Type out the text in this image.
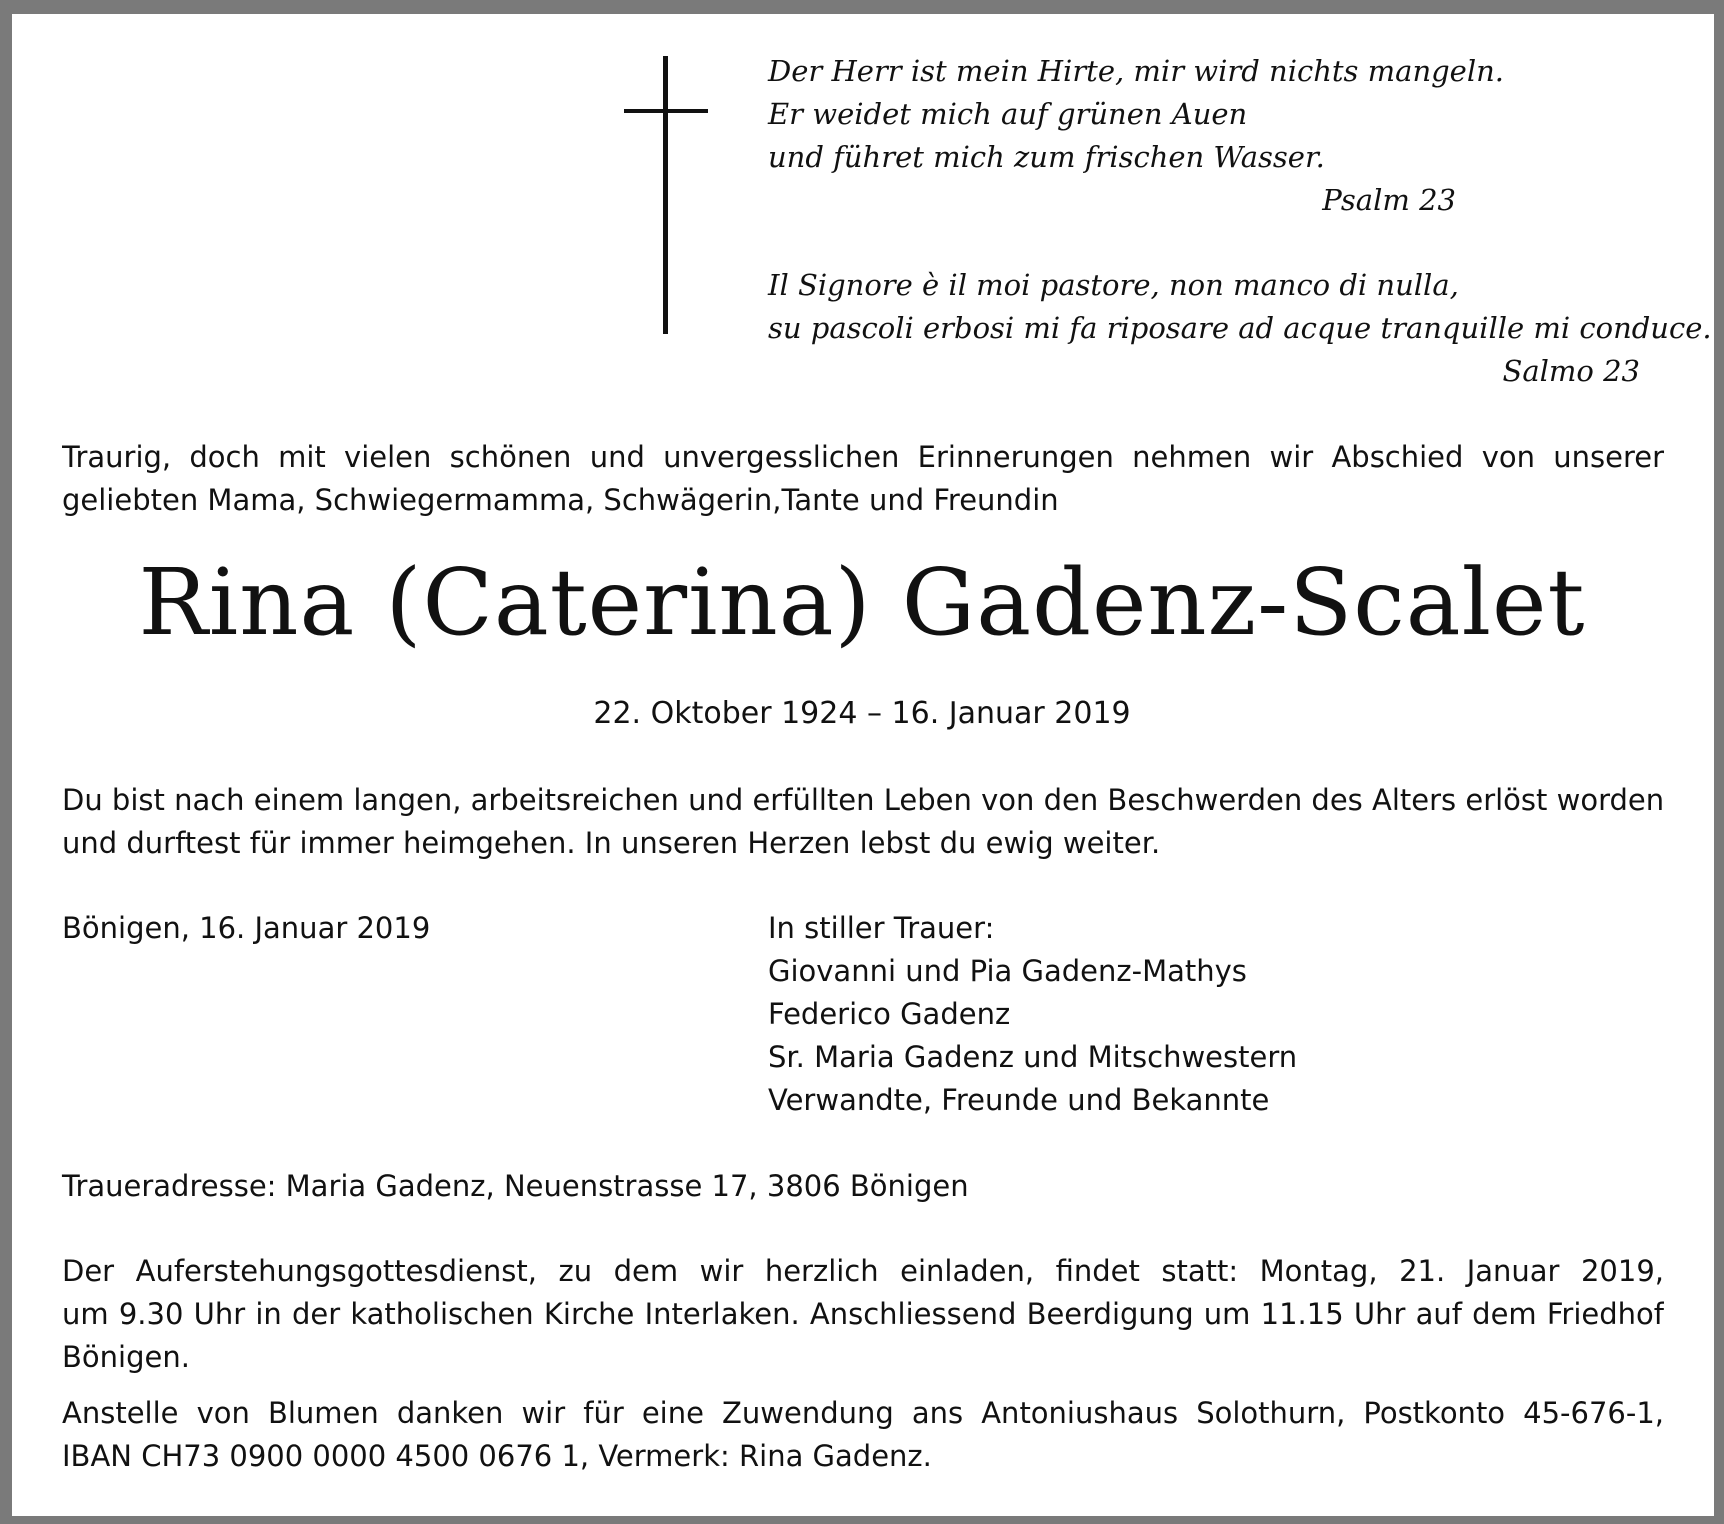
Der Herr ist mein Hirte, mir wird nichts mangeln.
Er weidet mich auf grünen Auen
und führet mich zum frischen Wasser.
Psalm 23
Il Signore è il moi pastore, non manco di nulla,
su pascoli erbosi mi fa riposare ad acque tranquille mi conduce.
Salmo 23
Traurig, doch mit vielen schönen und unvergesslichen Erinnerungen nehmen wir Abschied von unserer
geliebten Mama, Schwiegermamma, Schwägerin,Tante und Freundin
Rina (Caterina) Gadenz-Scalet
22. Oktober 1924 – 16. Januar 2019
Du bist nach einem langen, arbeitsreichen und erfüllten Leben von den Beschwerden des Alters erlöst worden
und durftest für immer heimgehen. In unseren Herzen lebst du ewig weiter.
Bönigen, 16. Januar 2019	In stiller Trauer:
Giovanni und Pia Gadenz-Mathys
Federico Gadenz
Sr. Maria Gadenz und Mitschwestern
Verwandte, Freunde und Bekannte
Traueradresse: Maria Gadenz, Neuenstrasse 17, 3806 Bönigen
Der Auferstehungsgottesdienst, zu dem wir herzlich einladen, findet statt: Montag, 21. Januar 2019,
um 9.30 Uhr in der katholischen Kirche Interlaken. Anschliessend Beerdigung um 11.15 Uhr auf dem Friedhof
Bönigen.
Anstelle von Blumen danken wir für eine Zuwendung ans Antoniushaus Solothurn, Postkonto 45-676-1,
IBAN CH73 0900 0000 4500 0676 1, Vermerk: Rina Gadenz.
